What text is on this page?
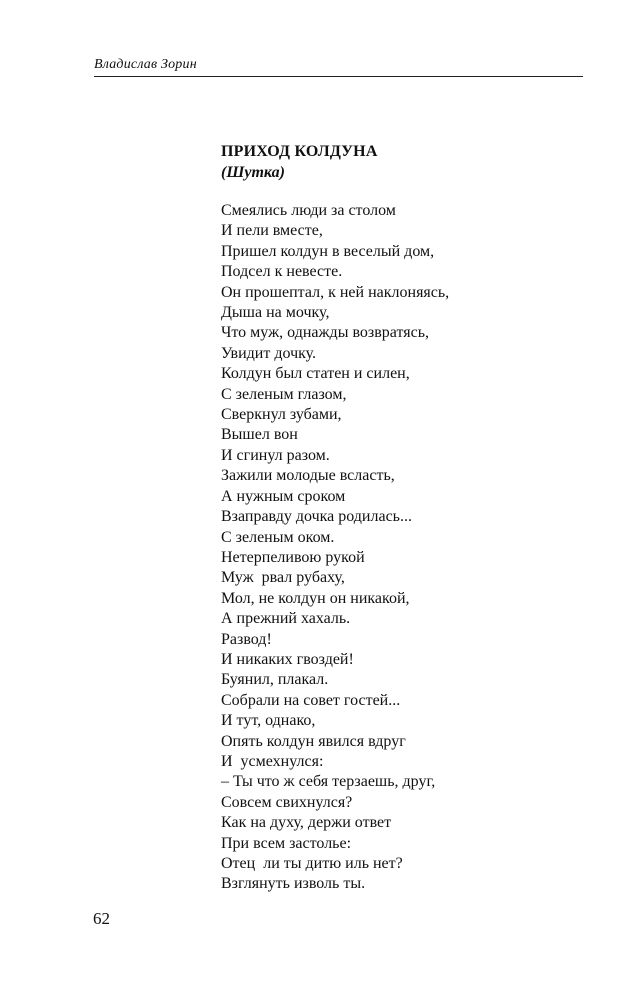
Владислав Зорин
ПРИХОД КОЛДУНА
(Шутка)
Смеялись люди за столом
И пели вместе,
Пришел колдун в веселый дом,
Подсел к невесте.
Он прошептал, к ней наклоняясь,
Дыша на мочку,
Что муж, однажды возвратясь,
Увидит дочку.
Колдун был статен и силен,
С зеленым глазом,
Сверкнул зубами,
Вышел вон
И сгинул разом.
Зажили молодые всласть,
А нужным сроком
Взаправду дочка родилась...
С зеленым оком.
Нетерпеливою рукой
Муж  рвал рубаху,
Мол, не колдун он никакой,
А прежний хахаль.
Развод!
И никаких гвоздей!
Буянил, плакал.
Собрали на совет гостей...
И тут, однако,
Опять колдун явился вдруг
И  усмехнулся:
– Ты что ж себя терзаешь, друг,
Совсем свихнулся?
Как на духу, держи ответ
При всем застолье:
Отец  ли ты дитю иль нет?
Взглянуть изволь ты.
62
